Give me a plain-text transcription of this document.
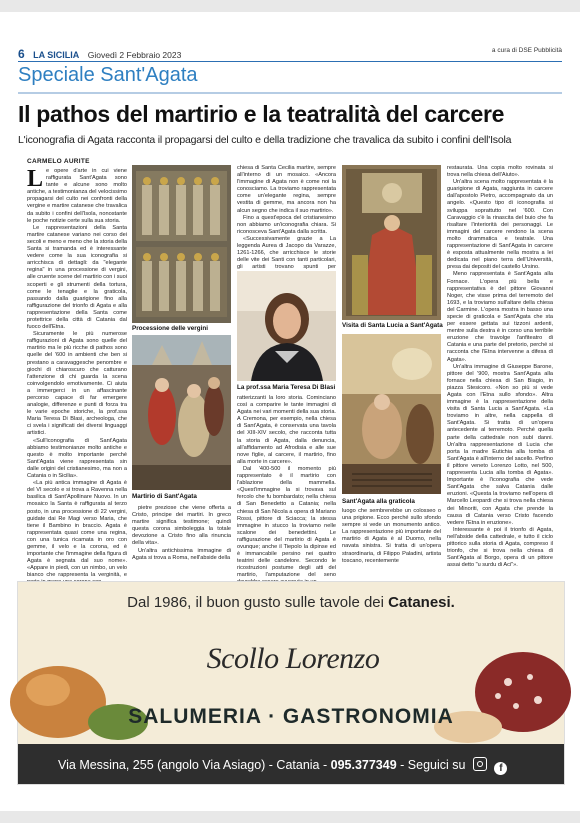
6 LA SICILIA Giovedì 2 Febbraio 2023	a cura di DSE Pubblicità
Speciale Sant'Agata
Il pathos del martirio e la teatralità del carcere
L'iconografia di Agata racconta il propagarsi del culto e della tradizione che travalica da subito i confini dell'Isola
CARMELO AURITE

Le opere d'arte in cui viene raffigurata Sant'Agata sono tante e alcune sono molto antiche, a testimonianza del velocissimo propagarsi del culto nei confronti della vergine e martire catanese che travalica da subito i confini dell'Isola, nonostante le poche notizie certe sulla sua storia.

Le rappresentazioni della Santa martire catanese variano nei corso dei secoli e meno e meno che la storia della Santa si tramanda ed è interessante vedere come la sua iconografia si arricchisca di dettagli: da "elegante regina" in una processione di vergini, alle cruente scene del martirio con i suoi scoperti e gli strumenti della tortura, come le tenaglie e la graticola, passando dalla guarigione fino alla raffigurazione del trionfo di Agata e alla rappresentazione della Santa come protettrice della città di Catania dal fuoco dell'Etna.

Sicuramente le più numerose raffigurazioni di Agata sono quelle del martirio ma le più ricche di pathos sono quelle del '600 in ambienti che ben si prestano a caravaggesche penombre e giochi di chiaroscuro che catturano l'attenzione di chi guarda la scena coinvolgendolo emotivamente. Ci aiuta a immergerci in un affascinante percorso capace di far emergere analogie, differenze e punti di forza tra le varie epoche storiche, la prof.ssa Maria Teresa Di Blasi, archeologa, che ci svela i significati dei diversi linguaggi artistici.

«Sull'iconografia di Sant'Agata abbiamo testimonianze molto antiche e questo è molto importante perché Sant'Agata viene rappresentata sin dalle origini del cristianesimo, ma non a Catania o in Sicilia».

«La più antica immagine di Agata è del VI secolo e si trova a Ravenna nella basilica di Sant'Apollinare Nuovo. In un mosaico la Santa è raffigurata al terzo posto, in una processione di 22 vergini, guidate dai Re Magi verso Maria, che tiene il Bambino in braccio. Agata è rappresentata quasi come una regina, con una tunica ricamata in oro con gemme, il velo e la corona, ed è importante che l'immagine della figura di Agata è segnata dal suo nome». «Appare in piedi, con un nimbo, un velo bianco che rappresenta la verginità, e

Processione delle vergini
Martirio di Sant'Agata

pietre preziose che viene offerta a Cristo, principe dei martiri. In greco martire significa testimone; quindi questa corona simboleggia la totale devozione a Cristo fino alla rinuncia della vita».

Un'altra antichissima immagine di Agata si trova a Roma, nell'abside della

chiesa di Santa Cecilia martire, sempre all'interno di un mosaico. «Ancora l'immagine di Agata non è come noi la conosciamo. La troviamo rappresentata come un'elegante regina, sempre vestita di gemme, ma ancora non ha alcun segno che indica il suo martirio».

Fino a quest'epoca del cristianesimo non abbiamo un'iconografia chiara. Si riconosceva Sant'Agata dalla scritta.

«Successivamente grazie a La leggenda Aurea di Jacopo da Varazze, 1261-1266, che arricchisce le storie delle vite dei Santi con tanti particolari, gli artisti trovano spunti per

La prof.ssa Maria Teresa Di Blasi

ratterizzanti la loro storia. Cominciano così a comparire le tante immagini di Agata nei vari momenti della sua storia. A Cremona, per esempio, nella chiesa di Sant'Agata, è conservata una tavola del XIII-XIV secolo, che racconta tutta la storia di Agata, dalla denuncia, all'affidamento ad Afrodisia e alle sue nove figlie, al carcere, il martirio, fino alla morte in carcere».

Dal '400-500 il momento più rappresentato è il martirio con l'ablazione della mammella. «Quest'immagine la si trovava sul fercolo che fu bombardato; nella chiesa di San Benedetto a Catania; nella chiesa di San Nicola a opera di Mariano Rossi, pittore di Sciacca; la stessa immagine in stucco la troviamo nelle scalone dei benedettini. Le raffigurazione del martirio di Agata è ovunque; anche il Tiepolo la dipinse ed è immancabile persino nei quattro teatrini delle candelore. Secondo le ricostruzioni postume degli atti del martirio, l'amputazione del seno

Visita di Santa Lucia a Sant'Agata
Sant'Agata alla graticola

luogo che sembrerebbe un colosseo o una prigione. Ecco perché sullo sfondo sempre si vede un monumento antico. La rappresentazione più importante del martirio di Agata è al Duomo, nella navata sinistra. Si tratta di un'opera straordinaria, di Filippo Paladini, artista toscano, recentemente

restaurata. Una copia molto rovinata si trova nella chiesa dell'Aiuto».

Un'altra scena molto rappresentata è la guarigione di Agata, raggiunta in carcere dall'apostolo Pietro, accompagnato da un angelo. «Questo tipo di iconografia si sviluppa soprattutto nel '600. Con Caravaggio c'è la rinascita del buio che fa risaltare l'interiorità dei personaggi. Le immagini del carcere rendono la scena molto drammatica e teatrale. Una rappresentazione di Sant'Agata in carcere è esposta attualmente nella mostra a lei dedicata nel piano terra dell'Università, presa dai depositi del castello Ursino.

Meno rappresentata è Sant'Agata alla Fornace. L'opera più bella e rappresentativa è del pittore Giovanni Noger, che visse prima del terremoto del 1693, e la troviamo sull'altare della chiesa del Carmine. L'opera mostra in basso una specie di graticola e Sant'Agata che sta per essere gettata sui tizzoni ardenti, mentre sulla destra è in corso una terribile eruzione che travolge l'anfiteatro di Catania e una parte del pretorio, perché si racconta che l'Etna intervenne a difesa di Agata».

Un'altra immagine di Giuseppe Barone, pittore del '900, mostra Sant'Agata alla fornace nella chiesa di San Biagio, in piazza Stesicoro. «Non so più si vede Agata con l'Etna sullo sfondo». Altra immagine è la rappresentazione della visita di Santa Lucia a Sant'Agata. «La troviamo in altre, nella cappella di Sant'Agata. Si tratta di un'opera antecedente al terremoto. Perché quella parte della cattedrale non subì danni. Un'altra rappresentazione di Lucia che porta la madre Eutichia alla tomba di Sant'Agata è all'interno del sacello. Perfino il pittore veneto Lorenzo Lotto, nel 500, rappresenta Lucia alla tomba di Agata». Importante è l'iconografia che vede Sant'Agata che salva Catania dalle eruzioni. «Questa la troviamo nell'opera di Marcello Leopardi che si trova nella chiesa dei Minoriti, con Agata che prende la causa di Catania verso Cristo facendo vedere l'Etna in eruzione».

Interessante è poi il trionfo di Agata, nell'abside della cattedrale, e tutto il ciclo pittorico sulla storia di Agata, compreso il trionfo, che si trova nella chiesa di Sant'Agata al Borgo, opera di un pittore assai detto "u surdu di Aci"».

Dal 1986, il buon gusto sulle tavole dei Catanesi.
Scollo Lorenzo
SALUMERIA · GASTRONOMIA
Via Messina, 255 (angolo Via Asiago) - Catania - 095.377349 - Seguici su	f
